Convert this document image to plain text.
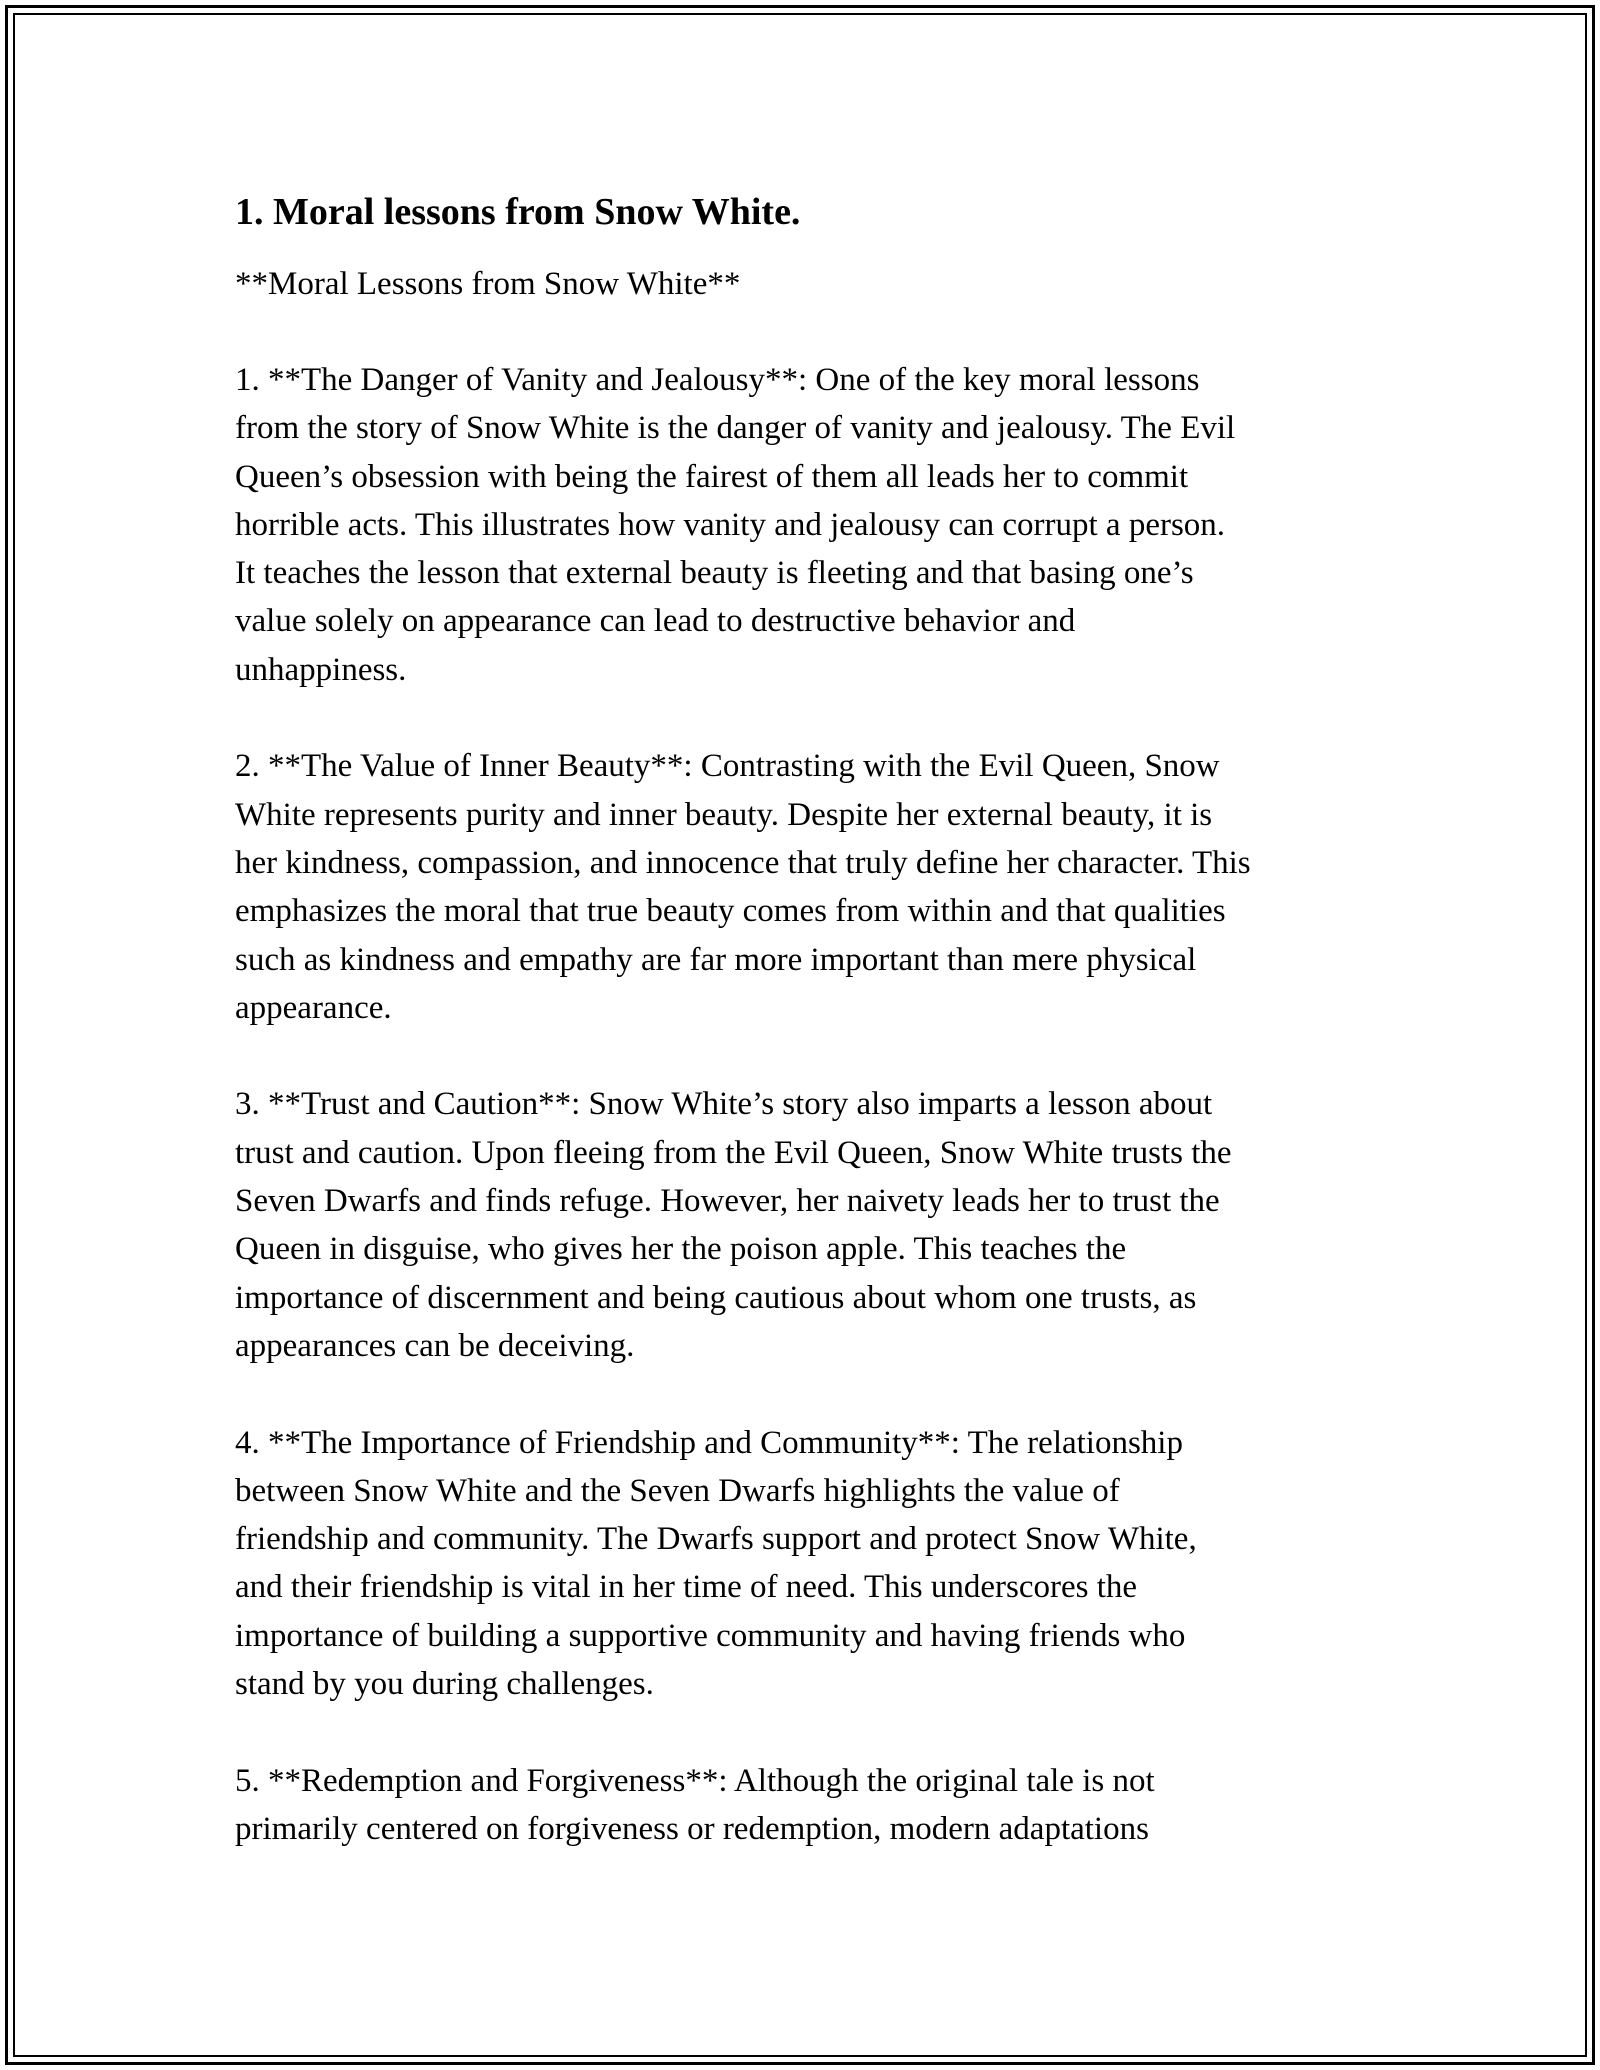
1. Moral lessons from Snow White.
**Moral Lessons from Snow White**
1. **The Danger of Vanity and Jealousy**: One of the key moral lessons
from the story of Snow White is the danger of vanity and jealousy. The Evil
Queen’s obsession with being the fairest of them all leads her to commit
horrible acts. This illustrates how vanity and jealousy can corrupt a person.
It teaches the lesson that external beauty is fleeting and that basing one’s
value solely on appearance can lead to destructive behavior and
unhappiness.
2. **The Value of Inner Beauty**: Contrasting with the Evil Queen, Snow
White represents purity and inner beauty. Despite her external beauty, it is
her kindness, compassion, and innocence that truly define her character. This
emphasizes the moral that true beauty comes from within and that qualities
such as kindness and empathy are far more important than mere physical
appearance.
3. **Trust and Caution**: Snow White’s story also imparts a lesson about
trust and caution. Upon fleeing from the Evil Queen, Snow White trusts the
Seven Dwarfs and finds refuge. However, her naivety leads her to trust the
Queen in disguise, who gives her the poison apple. This teaches the
importance of discernment and being cautious about whom one trusts, as
appearances can be deceiving.
4. **The Importance of Friendship and Community**: The relationship
between Snow White and the Seven Dwarfs highlights the value of
friendship and community. The Dwarfs support and protect Snow White,
and their friendship is vital in her time of need. This underscores the
importance of building a supportive community and having friends who
stand by you during challenges.
5. **Redemption and Forgiveness**: Although the original tale is not
primarily centered on forgiveness or redemption, modern adaptations
